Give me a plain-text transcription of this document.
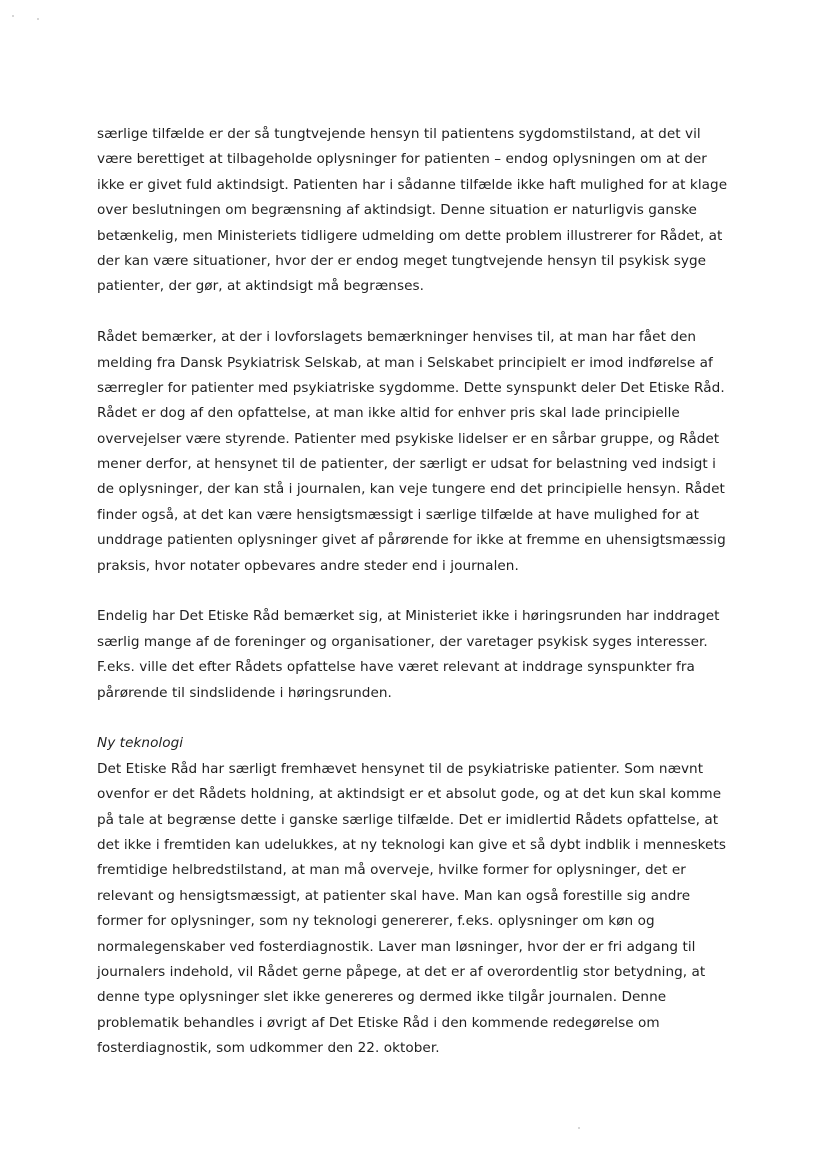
særlige tilfælde er der så tungtvejende hensyn til patientens sygdomstilstand, at det vil
være berettiget at tilbageholde oplysninger for patienten – endog oplysningen om at der
ikke er givet fuld aktindsigt. Patienten har i sådanne tilfælde ikke haft mulighed for at klage
over beslutningen om begrænsning af aktindsigt. Denne situation er naturligvis ganske
betænkelig, men Ministeriets tidligere udmelding om dette problem illustrerer for Rådet, at
der kan være situationer, hvor der er endog meget tungtvejende hensyn til psykisk syge
patienter, der gør, at aktindsigt må begrænses.
Rådet bemærker, at der i lovforslagets bemærkninger henvises til, at man har fået den
melding fra Dansk Psykiatrisk Selskab, at man i Selskabet principielt er imod indførelse af
særregler for patienter med psykiatriske sygdomme. Dette synspunkt deler Det Etiske Råd.
Rådet er dog af den opfattelse, at man ikke altid for enhver pris skal lade principielle
overvejelser være styrende. Patienter med psykiske lidelser er en sårbar gruppe, og Rådet
mener derfor, at hensynet til de patienter, der særligt er udsat for belastning ved indsigt i
de oplysninger, der kan stå i journalen, kan veje tungere end det principielle hensyn. Rådet
finder også, at det kan være hensigtsmæssigt i særlige tilfælde at have mulighed for at
unddrage patienten oplysninger givet af pårørende for ikke at fremme en uhensigtsmæssig
praksis, hvor notater opbevares andre steder end i journalen.
Endelig har Det Etiske Råd bemærket sig, at Ministeriet ikke i høringsrunden har inddraget
særlig mange af de foreninger og organisationer, der varetager psykisk syges interesser.
F.eks. ville det efter Rådets opfattelse have været relevant at inddrage synspunkter fra
pårørende til sindslidende i høringsrunden.
Ny teknologi
Det Etiske Råd har særligt fremhævet hensynet til de psykiatriske patienter. Som nævnt
ovenfor er det Rådets holdning, at aktindsigt er et absolut gode, og at det kun skal komme
på tale at begrænse dette i ganske særlige tilfælde. Det er imidlertid Rådets opfattelse, at
det ikke i fremtiden kan udelukkes, at ny teknologi kan give et så dybt indblik i menneskets
fremtidige helbredstilstand, at man må overveje, hvilke former for oplysninger, det er
relevant og hensigtsmæssigt, at patienter skal have. Man kan også forestille sig andre
former for oplysninger, som ny teknologi genererer, f.eks. oplysninger om køn og
normalegenskaber ved fosterdiagnostik. Laver man løsninger, hvor der er fri adgang til
journalers indehold, vil Rådet gerne påpege, at det er af overordentlig stor betydning, at
denne type oplysninger slet ikke genereres og dermed ikke tilgår journalen. Denne
problematik behandles i øvrigt af Det Etiske Råd i den kommende redegørelse om
fosterdiagnostik, som udkommer den 22. oktober.
